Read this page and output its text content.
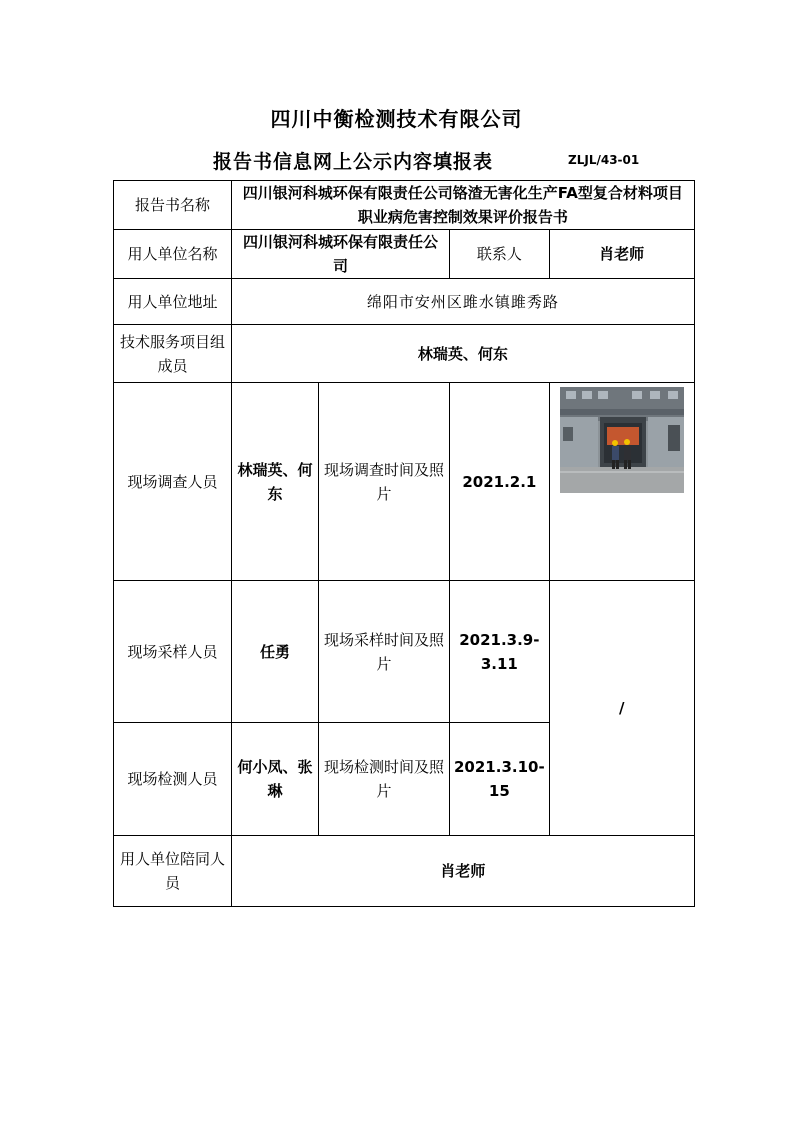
四川中衡检测技术有限公司
报告书信息网上公示内容填报表	ZLJL/43-01
报告书名称	四川银河科城环保有限责任公司铬渣无害化生产FA型复合材料项目职业病危害控制效果评价报告书			
用人单位名称	四川银河科城环保有限责任公司		联系人	肖老师
用人单位地址	绵阳市安州区雎水镇雎秀路			
技术服务项目组成员	林瑞英、何东			
现场调查人员	林瑞英、何东	现场调查时间及照片	2021.2.1	

现场采样人员	任勇	现场采样时间及照片	2021.3.9-3.11	/
现场检测人员	何小凤、张琳	现场检测时间及照片	2021.3.10-15	
用人单位陪同人员	肖老师			
